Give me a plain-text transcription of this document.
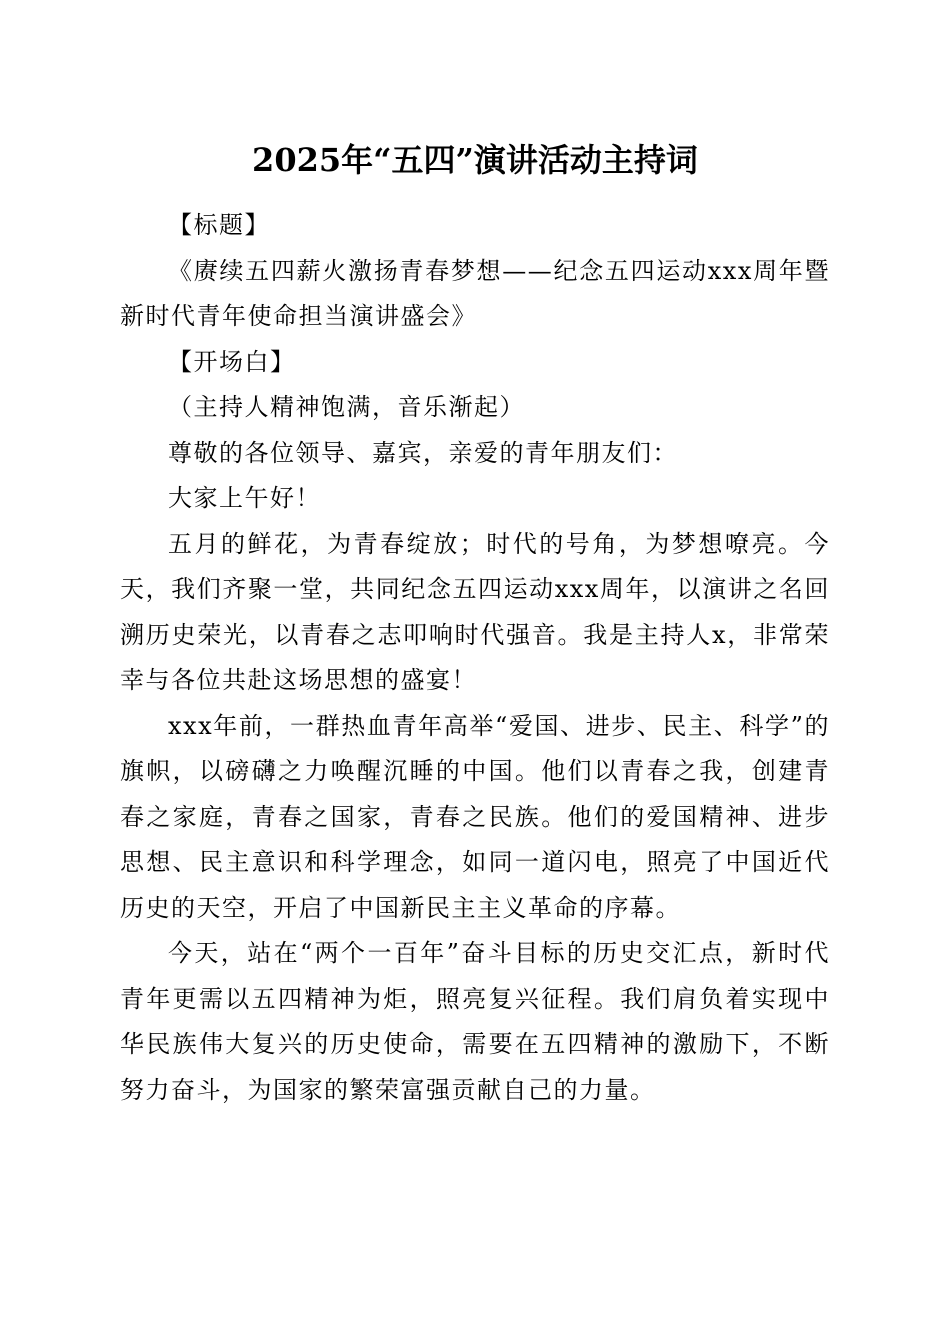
2025年“五四”演讲活动主持词

【标题】

《赓续五四薪火激扬青春梦想——纪念五四运动xxx周年暨新时代青年使命担当演讲盛会》

【开场白】

（主持人精神饱满，音乐渐起）

尊敬的各位领导、嘉宾，亲爱的青年朋友们：

大家上午好！

五月的鲜花，为青春绽放；时代的号角，为梦想嘹亮。今天，我们齐聚一堂，共同纪念五四运动xxx周年，以演讲之名回溯历史荣光，以青春之志叩响时代强音。我是主持人x，非常荣幸与各位共赴这场思想的盛宴！

xxx年前，一群热血青年高举“爱国、进步、民主、科学”的旗帜，以磅礴之力唤醒沉睡的中国。他们以青春之我，创建青春之家庭，青春之国家，青春之民族。他们的爱国精神、进步思想、民主意识和科学理念，如同一道闪电，照亮了中国近代历史的天空，开启了中国新民主主义革命的序幕。

今天，站在“两个一百年”奋斗目标的历史交汇点，新时代青年更需以五四精神为炬，照亮复兴征程。我们肩负着实现中华民族伟大复兴的历史使命，需要在五四精神的激励下，不断努力奋斗，为国家的繁荣富强贡献自己的力量。
